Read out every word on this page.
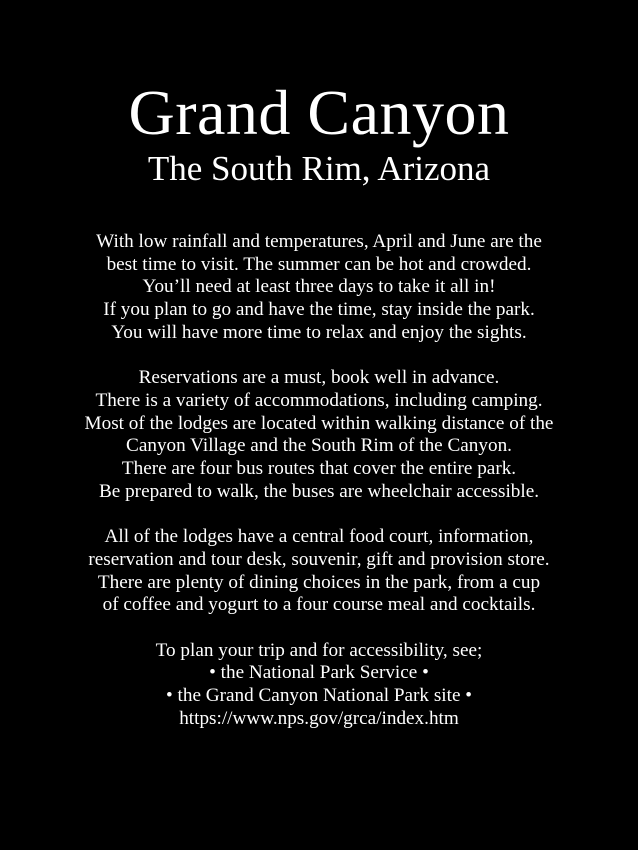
Grand Canyon
The South Rim, Arizona

With low rainfall and temperatures, April and June are the
best time to visit. The summer can be hot and crowded.
You’ll need at least three days to take it all in!
If you plan to go and have the time, stay inside the park.
You will have more time to relax and enjoy the sights.

Reservations are a must, book well in advance.
There is a variety of accommodations, including camping.
Most of the lodges are located within walking distance of the
Canyon Village and the South Rim of the Canyon.
There are four bus routes that cover the entire park.
Be prepared to walk, the buses are wheelchair accessible.

All of the lodges have a central food court, information,
reservation and tour desk, souvenir, gift and provision store.
There are plenty of dining choices in the park, from a cup
of coffee and yogurt to a four course meal and cocktails.

To plan your trip and for accessibility, see;
• the National Park Service •
• the Grand Canyon National Park site •
https://www.nps.gov/grca/index.htm
